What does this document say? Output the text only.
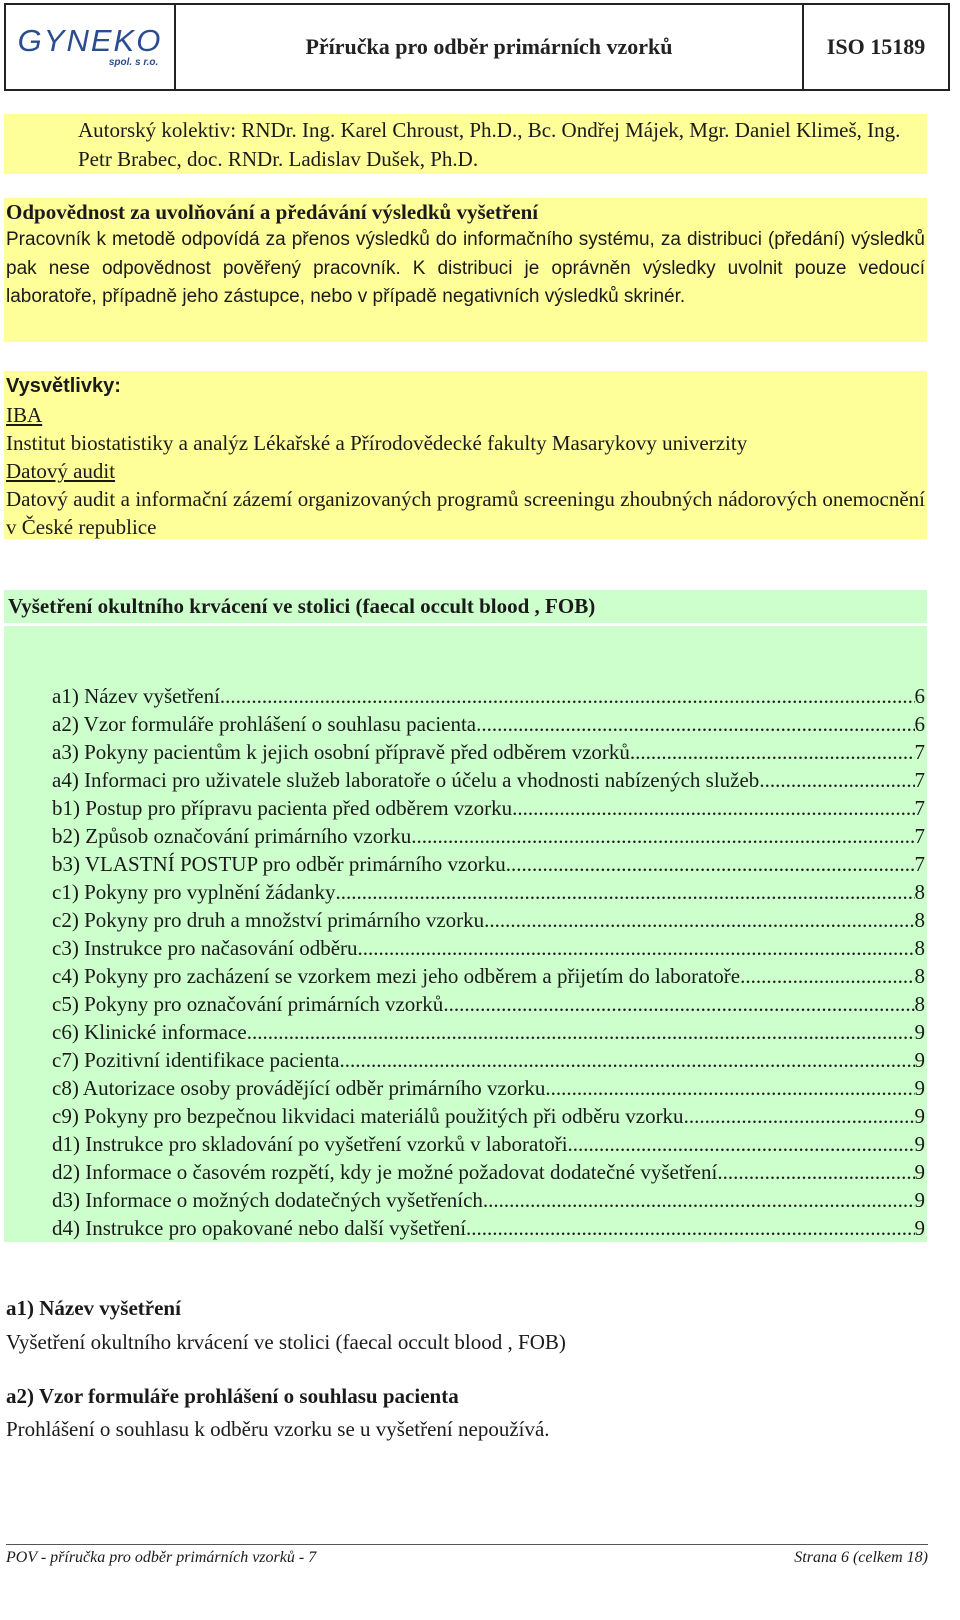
GYNEKO
spol. s r.o.
Příručka pro odběr primárních vzorků	ISO 15189
Autorský kolektiv: RNDr. Ing. Karel Chroust, Ph.D., Bc. Ondřej Májek, Mgr. Daniel Klimeš, Ing. Petr Brabec, doc. RNDr. Ladislav Dušek, Ph.D.
Odpovědnost za uvolňování a předávání výsledků vyšetření
Pracovník k metodě odpovídá za přenos výsledků do informačního systému, za distribuci (předání) výsledků pak nese odpovědnost pověřený pracovník. K distribuci je oprávněn výsledky uvolnit pouze vedoucí laboratoře, případně jeho zástupce, nebo v případě negativních výsledků skrinér.
Vysvětlivky:
IBA
Institut biostatistiky a analýz Lékařské a Přírodovědecké fakulty Masarykovy univerzity
Datový audit
Datový audit a informační zázemí organizovaných programů screeningu zhoubných nádorových onemocnění v České republice
Vyšetření okultního krvácení ve stolici (faecal occult blood , FOB)
a1) Název vyšetření .....	6
a2) Vzor formuláře prohlášení o souhlasu pacienta .....	6
a3) Pokyny pacientům k jejich osobní přípravě před odběrem vzorků .....	7
a4) Informaci pro uživatele služeb laboratoře o účelu a vhodnosti nabízených služeb .....	7
b1) Postup pro přípravu pacienta před odběrem vzorku .....	7
b2) Způsob označování primárního vzorku .....	7
b3) VLASTNÍ POSTUP pro odběr primárního vzorku .....	7
c1) Pokyny pro vyplnění žádanky .....	8
c2) Pokyny pro druh a množství primárního vzorku .....	8
c3) Instrukce pro načasování odběru .....	8
c4) Pokyny pro zacházení se vzorkem mezi jeho odběrem a přijetím do laboratoře .....	8
c5) Pokyny pro označování primárních vzorků .....	8
c6) Klinické informace .....	9
c7) Pozitivní identifikace pacienta .....	9
c8) Autorizace osoby provádějící odběr primárního vzorku .....	9
c9) Pokyny pro bezpečnou likvidaci materiálů použitých při odběru vzorku .....	9
d1) Instrukce pro skladování po vyšetření vzorků v laboratoři .....	9
d2) Informace o časovém rozpětí, kdy je možné požadovat dodatečné vyšetření .....	9
d3) Informace o možných dodatečných vyšetřeních .....	9
d4) Instrukce pro opakované nebo další vyšetření .....	9
a1) Název vyšetření
Vyšetření okultního krvácení ve stolici (faecal occult blood , FOB)
a2) Vzor formuláře prohlášení o souhlasu pacienta
Prohlášení o souhlasu k odběru vzorku se u vyšetření nepoužívá.
POV - příručka pro odběr primárních vzorků - 7	Strana 6 (celkem 18)
